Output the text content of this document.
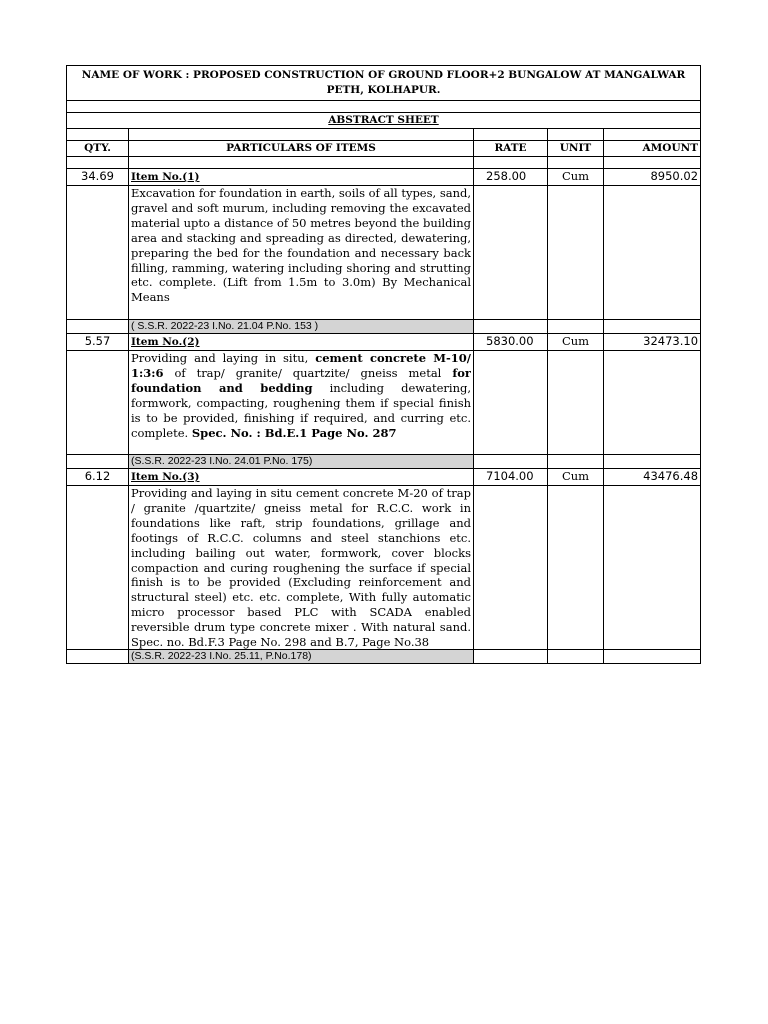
NAME OF WORK : PROPOSED CONSTRUCTION OF GROUND FLOOR+2 BUNGALOW AT MANGALWAR PETH, KOLHAPUR.				

ABSTRACT SHEET				

QTY.	PARTICULARS OF ITEMS	RATE	UNIT	AMOUNT

34.69	Item No.(1)	258.00	Cum	8950.02

	Excavation for foundation in earth, soils of all types, sand, gravel and soft murum, including removing the excavated material upto a distance of 50 metres beyond the building area and stacking and spreading as directed, dewatering, preparing the bed for the foundation and necessary back filling, ramming, watering including shoring and strutting etc. complete. (Lift from 1.5m to 3.0m) By Mechanical Means			

	( S.S.R. 2022-23 I.No. 21.04 P.No. 153 )			
5.57	Item No.(2)	5830.00	Cum	32473.10

	Providing and laying in situ, cement concrete M-10/ 1:3:6 of trap/ granite/ quartzite/ gneiss metal for foundation and bedding including dewatering, formwork, compacting, roughening them if special finish is to be provided, finishing if required, and curring etc. complete. Spec. No. : Bd.E.1 Page No. 287			

	(S.S.R. 2022-23 I.No. 24.01 P.No. 175)			
6.12	Item No.(3)	7104.00	Cum	43476.48

	Providing and laying in situ cement concrete M-20 of trap / granite /quartzite/ gneiss metal for R.C.C. work in foundations like raft, strip foundations, grillage and footings of R.C.C. columns and steel stanchions etc. including bailing out water, formwork, cover blocks compaction and curing roughening the surface if special finish is to be provided (Excluding reinforcement and structural steel) etc. etc. complete, With fully automatic micro processor based PLC with SCADA enabled reversible drum type concrete mixer . With natural sand. Spec. no. Bd.F.3 Page No. 298 and B.7, Page No.38			

	(S.S.R. 2022-23 I.No. 25.11, P.No.178)			
